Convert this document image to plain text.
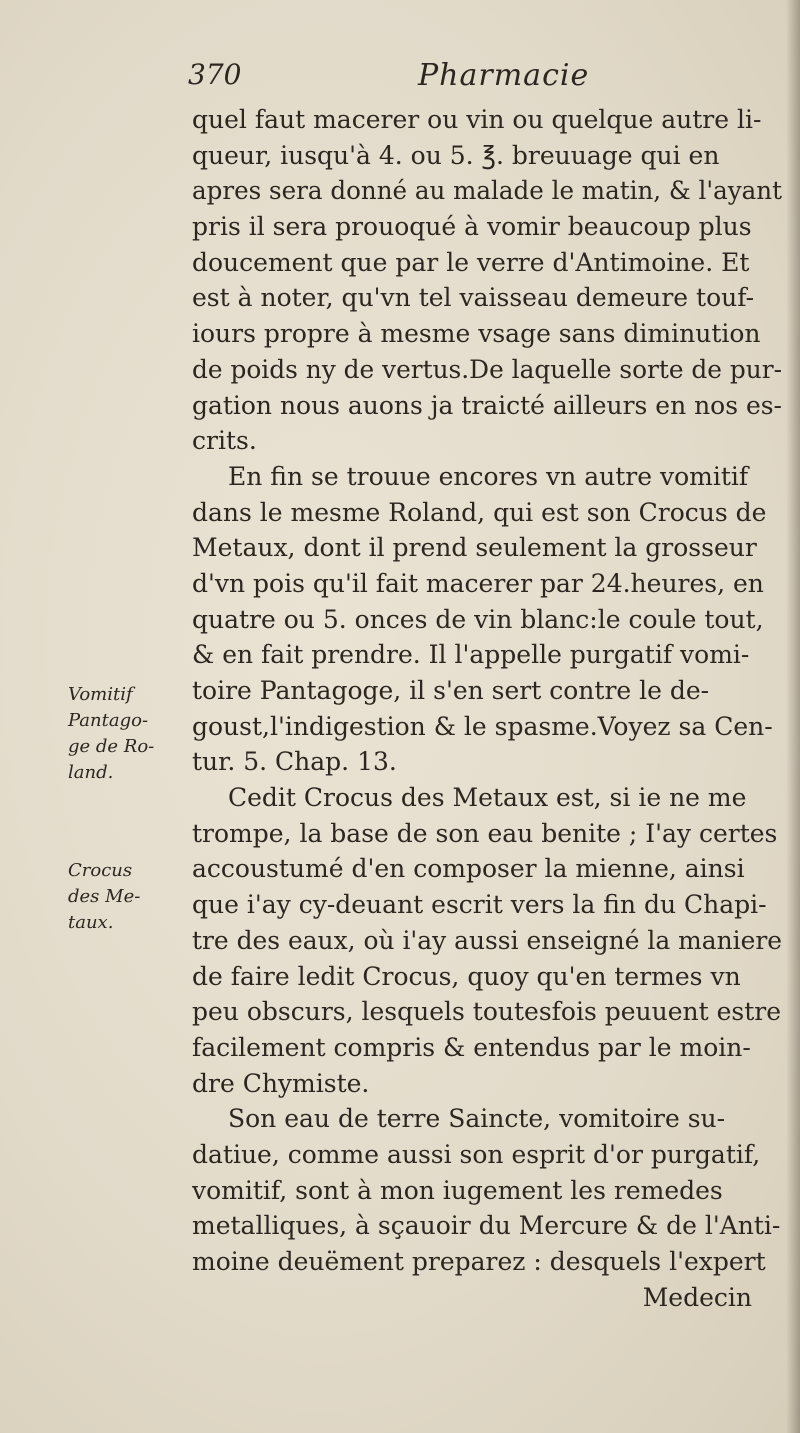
370	Pharmacie
Vomitif
Pantago-
ge de Ro-
land.
Crocus
des Me-
taux.
quel faut macerer ou vin ou quelque autre li-
queur, iusqu'à 4. ou 5. ℥. breuuage qui en
apres sera donné au malade le matin, & l'ayant
pris il sera prouoqué à vomir beaucoup plus
doucement que par le verre d'Antimoine. Et
est à noter, qu'vn tel vaisseau demeure touf-
iours propre à mesme vsage sans diminution
de poids ny de vertus.De laquelle sorte de pur-
gation nous auons ja traicté ailleurs en nos es-
crits.
En fin se trouue encores vn autre vomitif
dans le mesme Roland, qui est son Crocus de
Metaux, dont il prend seulement la grosseur
d'vn pois qu'il fait macerer par 24.heures, en
quatre ou 5. onces de vin blanc:le coule tout,
& en fait prendre. Il l'appelle purgatif vomi-
toire Pantagoge, il s'en sert contre le de-
goust,l'indigestion & le spasme.Voyez sa Cen-
tur. 5. Chap. 13.
Cedit Crocus des Metaux est, si ie ne me
trompe, la base de son eau benite ; I'ay certes
accoustumé d'en composer la mienne, ainsi
que i'ay cy-deuant escrit vers la fin du Chapi-
tre des eaux, où i'ay aussi enseigné la maniere
de faire ledit Crocus, quoy qu'en termes vn
peu obscurs, lesquels toutesfois peuuent estre
facilement compris & entendus par le moin-
dre Chymiste.
Son eau de terre Saincte, vomitoire su-
datiue, comme aussi son esprit d'or purgatif,
vomitif, sont à mon iugement les remedes
metalliques, à sçauoir du Mercure & de l'Anti-
moine deuëment preparez : desquels l'expert
Medecin
